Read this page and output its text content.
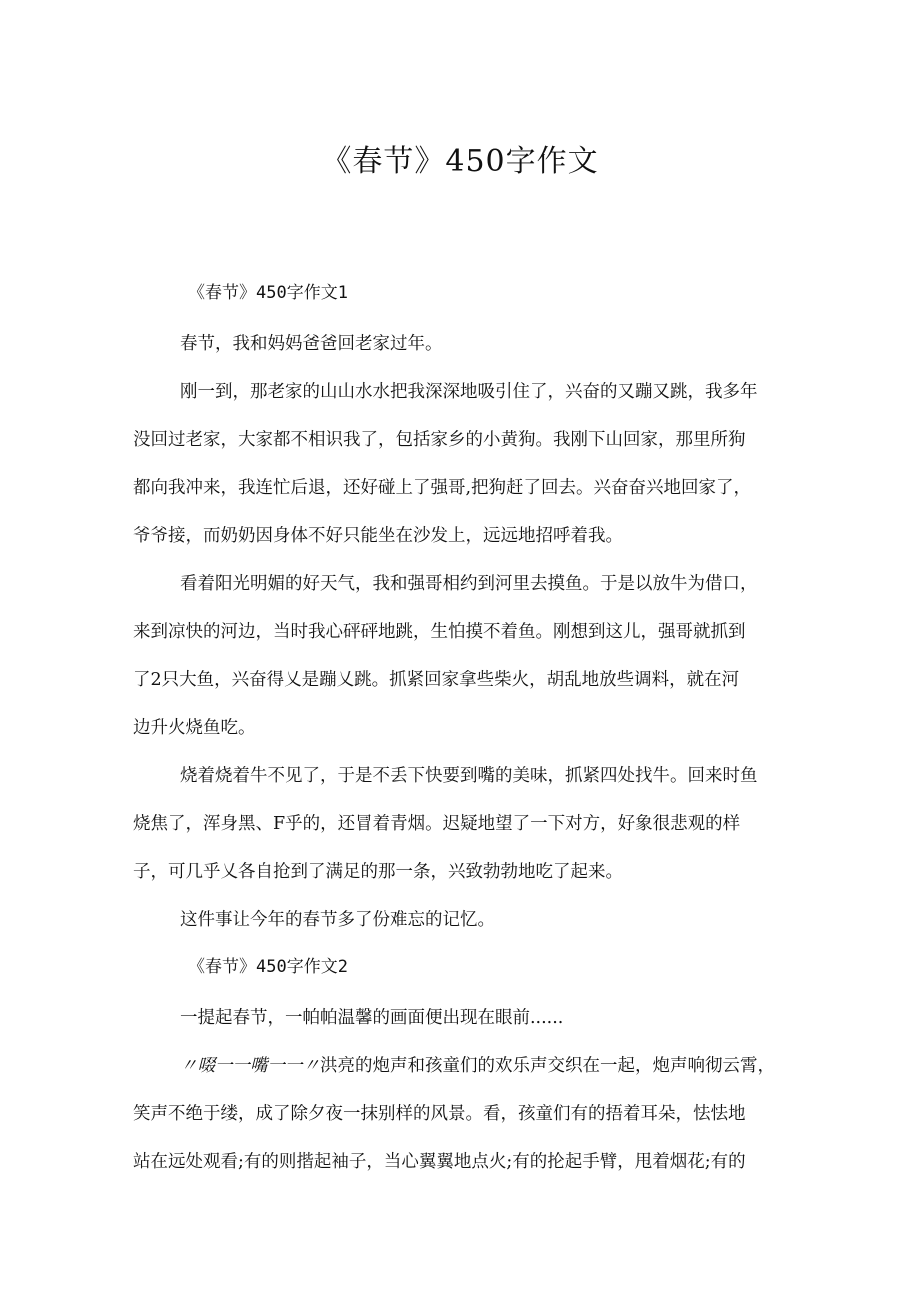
《春节》450字作文
《春节》450字作文1

春节，我和妈妈爸爸回老家过年。

刚一到，那老家的山山水水把我深深地吸引住了，兴奋的又蹦又跳，我多年
没回过老家，大家都不相识我了，包括家乡的小黄狗。我刚下山回家，那里所狗
都向我冲来，我连忙后退，还好碰上了强哥,把狗赶了回去。兴奋奋兴地回家了，
爷爷接，而奶奶因身体不好只能坐在沙发上，远远地招呼着我。

看着阳光明媚的好天气，我和强哥相约到河里去摸鱼。于是以放牛为借口，
来到凉快的河边，当时我心砰砰地跳，生怕摸不着鱼。刚想到这儿，强哥就抓到
了2只大鱼，兴奋得乂是蹦乂跳。抓紧回家拿些柴火，胡乱地放些调料，就在河
边升火烧鱼吃。

烧着烧着牛不见了，于是不丢下快要到嘴的美味，抓紧四处找牛。回来时鱼
烧焦了，浑身黑、F乎的，还冒着青烟。迟疑地望了一下对方，好象很悲观的样
子，可几乎乂各自抢到了满足的那一条，兴致勃勃地吃了起来。

这件事让今年的春节多了份难忘的记忆。

《春节》450字作文2

一提起春节，一帕帕温馨的画面便出现在眼前......

〃啜一一嘴一一〃洪亮的炮声和孩童们的欢乐声交织在一起，炮声响彻云霄，
笑声不绝于缕，成了除夕夜一抹别样的风景。看，孩童们有的捂着耳朵，怯怯地
站在远处观看;有的则揩起袖子，当心翼翼地点火;有的抡起手臂，甩着烟花;有的
